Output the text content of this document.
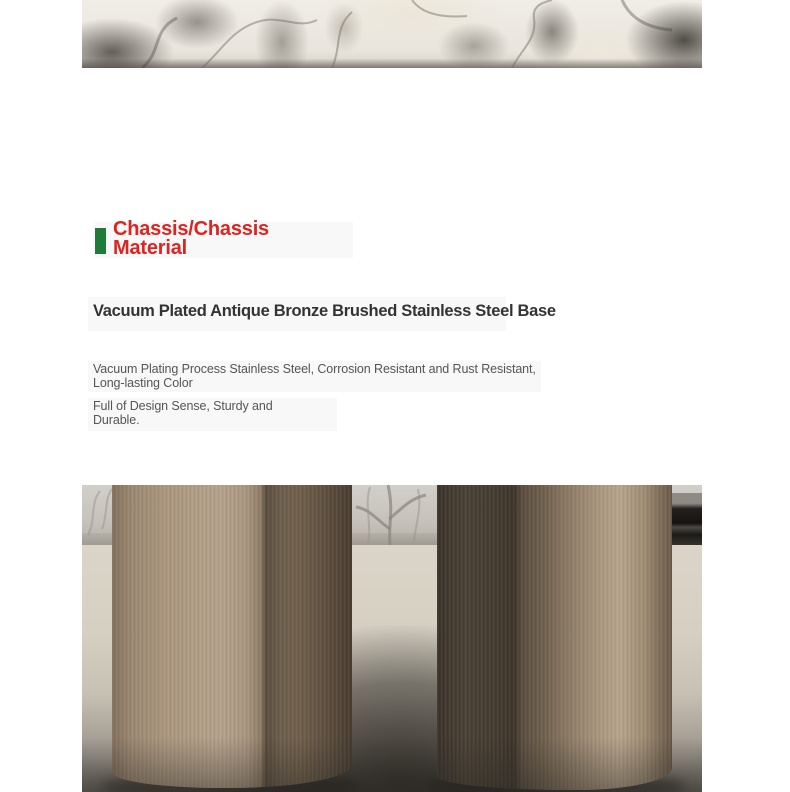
Chassis/Chassis Material
Vacuum Plated Antique Bronze Brushed Stainless Steel Base

Vacuum Plating Process Stainless Steel, Corrosion Resistant and Rust Resistant, Long-lasting Color

Full of Design Sense, Sturdy and Durable.
